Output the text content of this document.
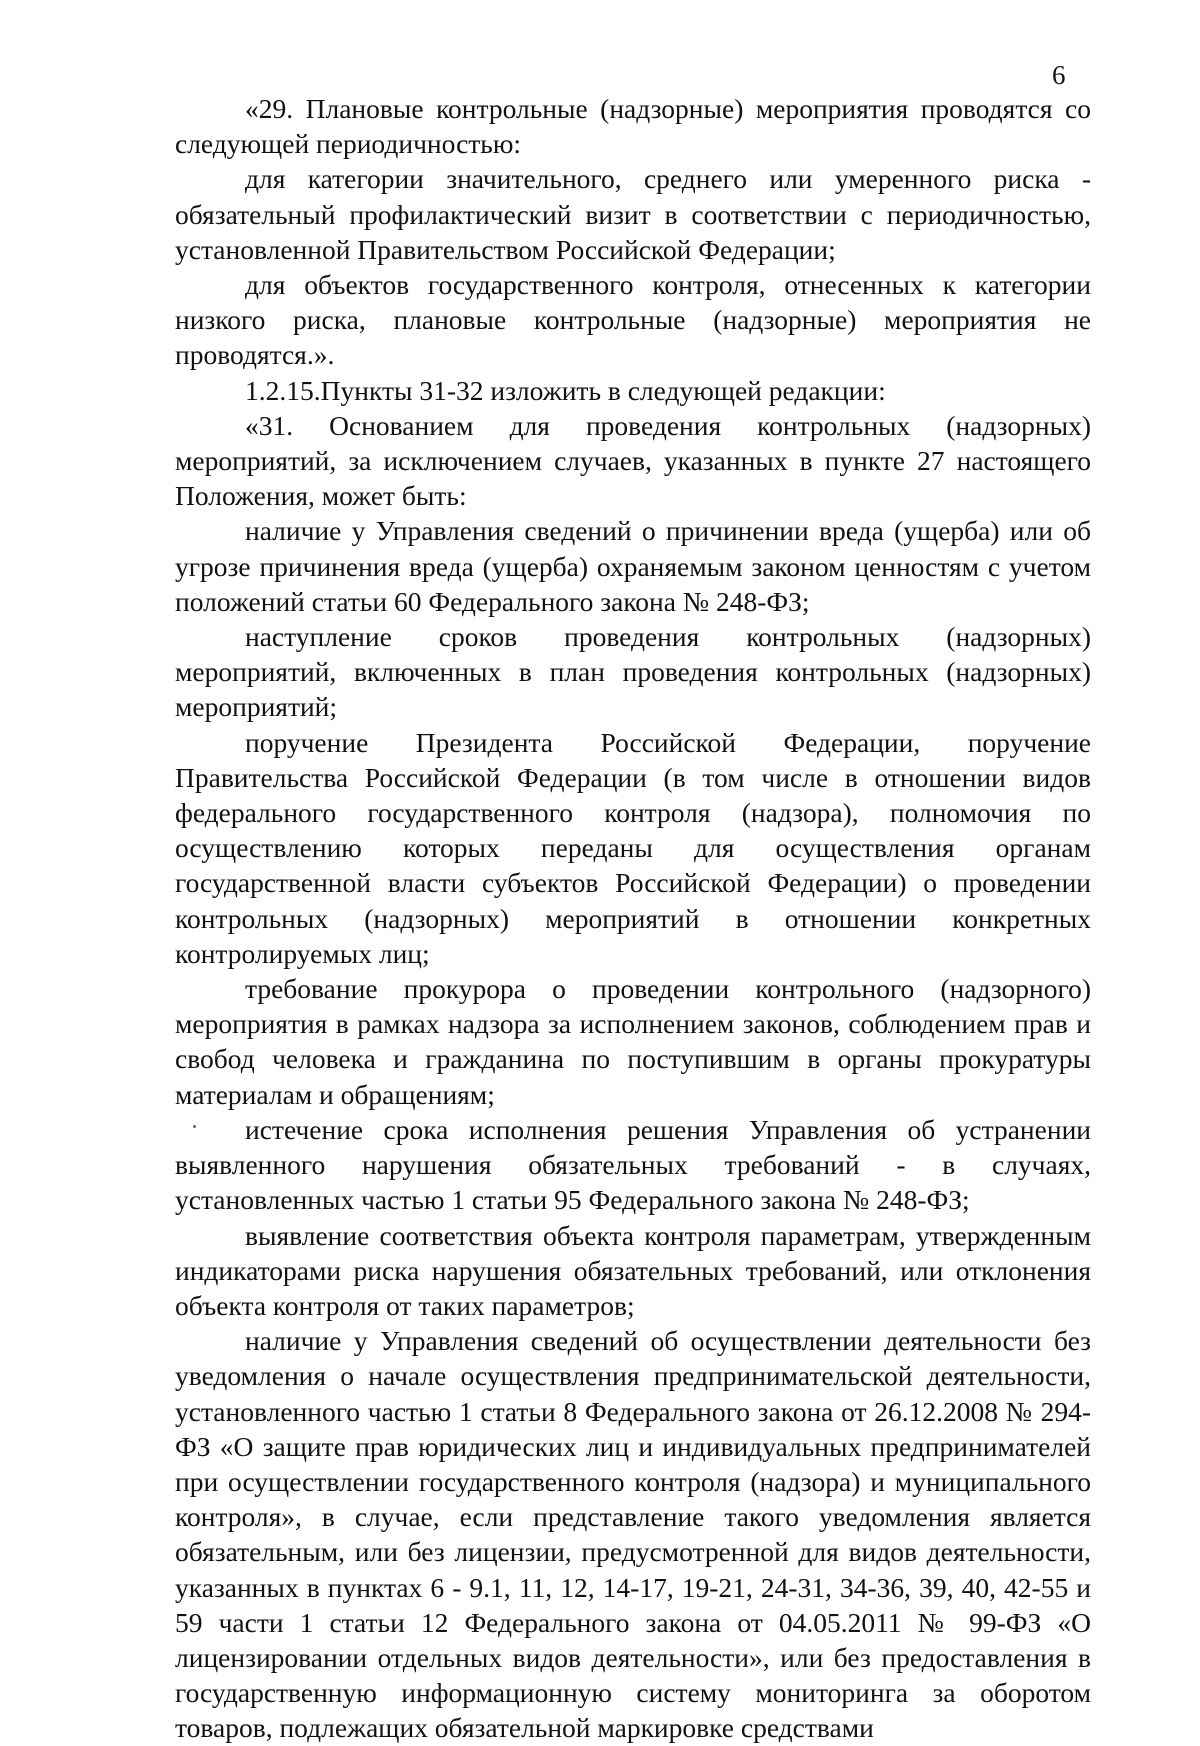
6

«29. Плановые контрольные (надзорные) мероприятия проводятся со следующей периодичностью:

для категории значительного, среднего или умеренного риска - обязательный профилактический визит в соответствии с периодичностью, установленной Правительством Российской Федерации;

для объектов государственного контроля, отнесенных к категории низкого риска, плановые контрольные (надзорные) мероприятия не проводятся.».

1.2.15.Пункты 31-32 изложить в следующей редакции:

«31. Основанием для проведения контрольных (надзорных) мероприятий, за исключением случаев, указанных в пункте 27 настоящего Положения, может быть:

наличие у Управления сведений о причинении вреда (ущерба) или об угрозе причинения вреда (ущерба) охраняемым законом ценностям с учетом положений статьи 60 Федерального закона № 248-ФЗ;

наступление сроков проведения контрольных (надзорных) мероприятий, включенных в план проведения контрольных (надзорных) мероприятий;

поручение Президента Российской Федерации, поручение Правительства Российской Федерации (в том числе в отношении видов федерального государственного контроля (надзора), полномочия по осуществлению которых переданы для осуществления органам государственной власти субъектов Российской Федерации) о проведении контрольных (надзорных) мероприятий в отношении конкретных контролируемых лиц;

требование прокурора о проведении контрольного (надзорного) мероприятия в рамках надзора за исполнением законов, соблюдением прав и свобод человека и гражданина по поступившим в органы прокуратуры материалам и обращениям;

истечение срока исполнения решения Управления об устранении выявленного нарушения обязательных требований - в случаях, установленных частью 1 статьи 95 Федерального закона № 248-ФЗ;

выявление соответствия объекта контроля параметрам, утвержденным индикаторами риска нарушения обязательных требований, или отклонения объекта контроля от таких параметров;

наличие у Управления сведений об осуществлении деятельности без уведомления о начале осуществления предпринимательской деятельности, установленного частью 1 статьи 8 Федерального закона от 26.12.2008 № 294-ФЗ «О защите прав юридических лиц и индивидуальных предпринимателей при осуществлении государственного контроля (надзора) и муниципального контроля», в случае, если представление такого уведомления является обязательным, или без лицензии, предусмотренной для видов деятельности, указанных в пунктах 6 - 9.1, 11, 12, 14-17, 19-21, 24-31, 34-36, 39, 40, 42-55 и 59 части 1 статьи 12 Федерального закона от 04.05.2011 № 99-ФЗ «О лицензировании отдельных видов деятельности», или без предоставления в государственную информационную систему мониторинга за оборотом товаров, подлежащих обязательной маркировке средствами
